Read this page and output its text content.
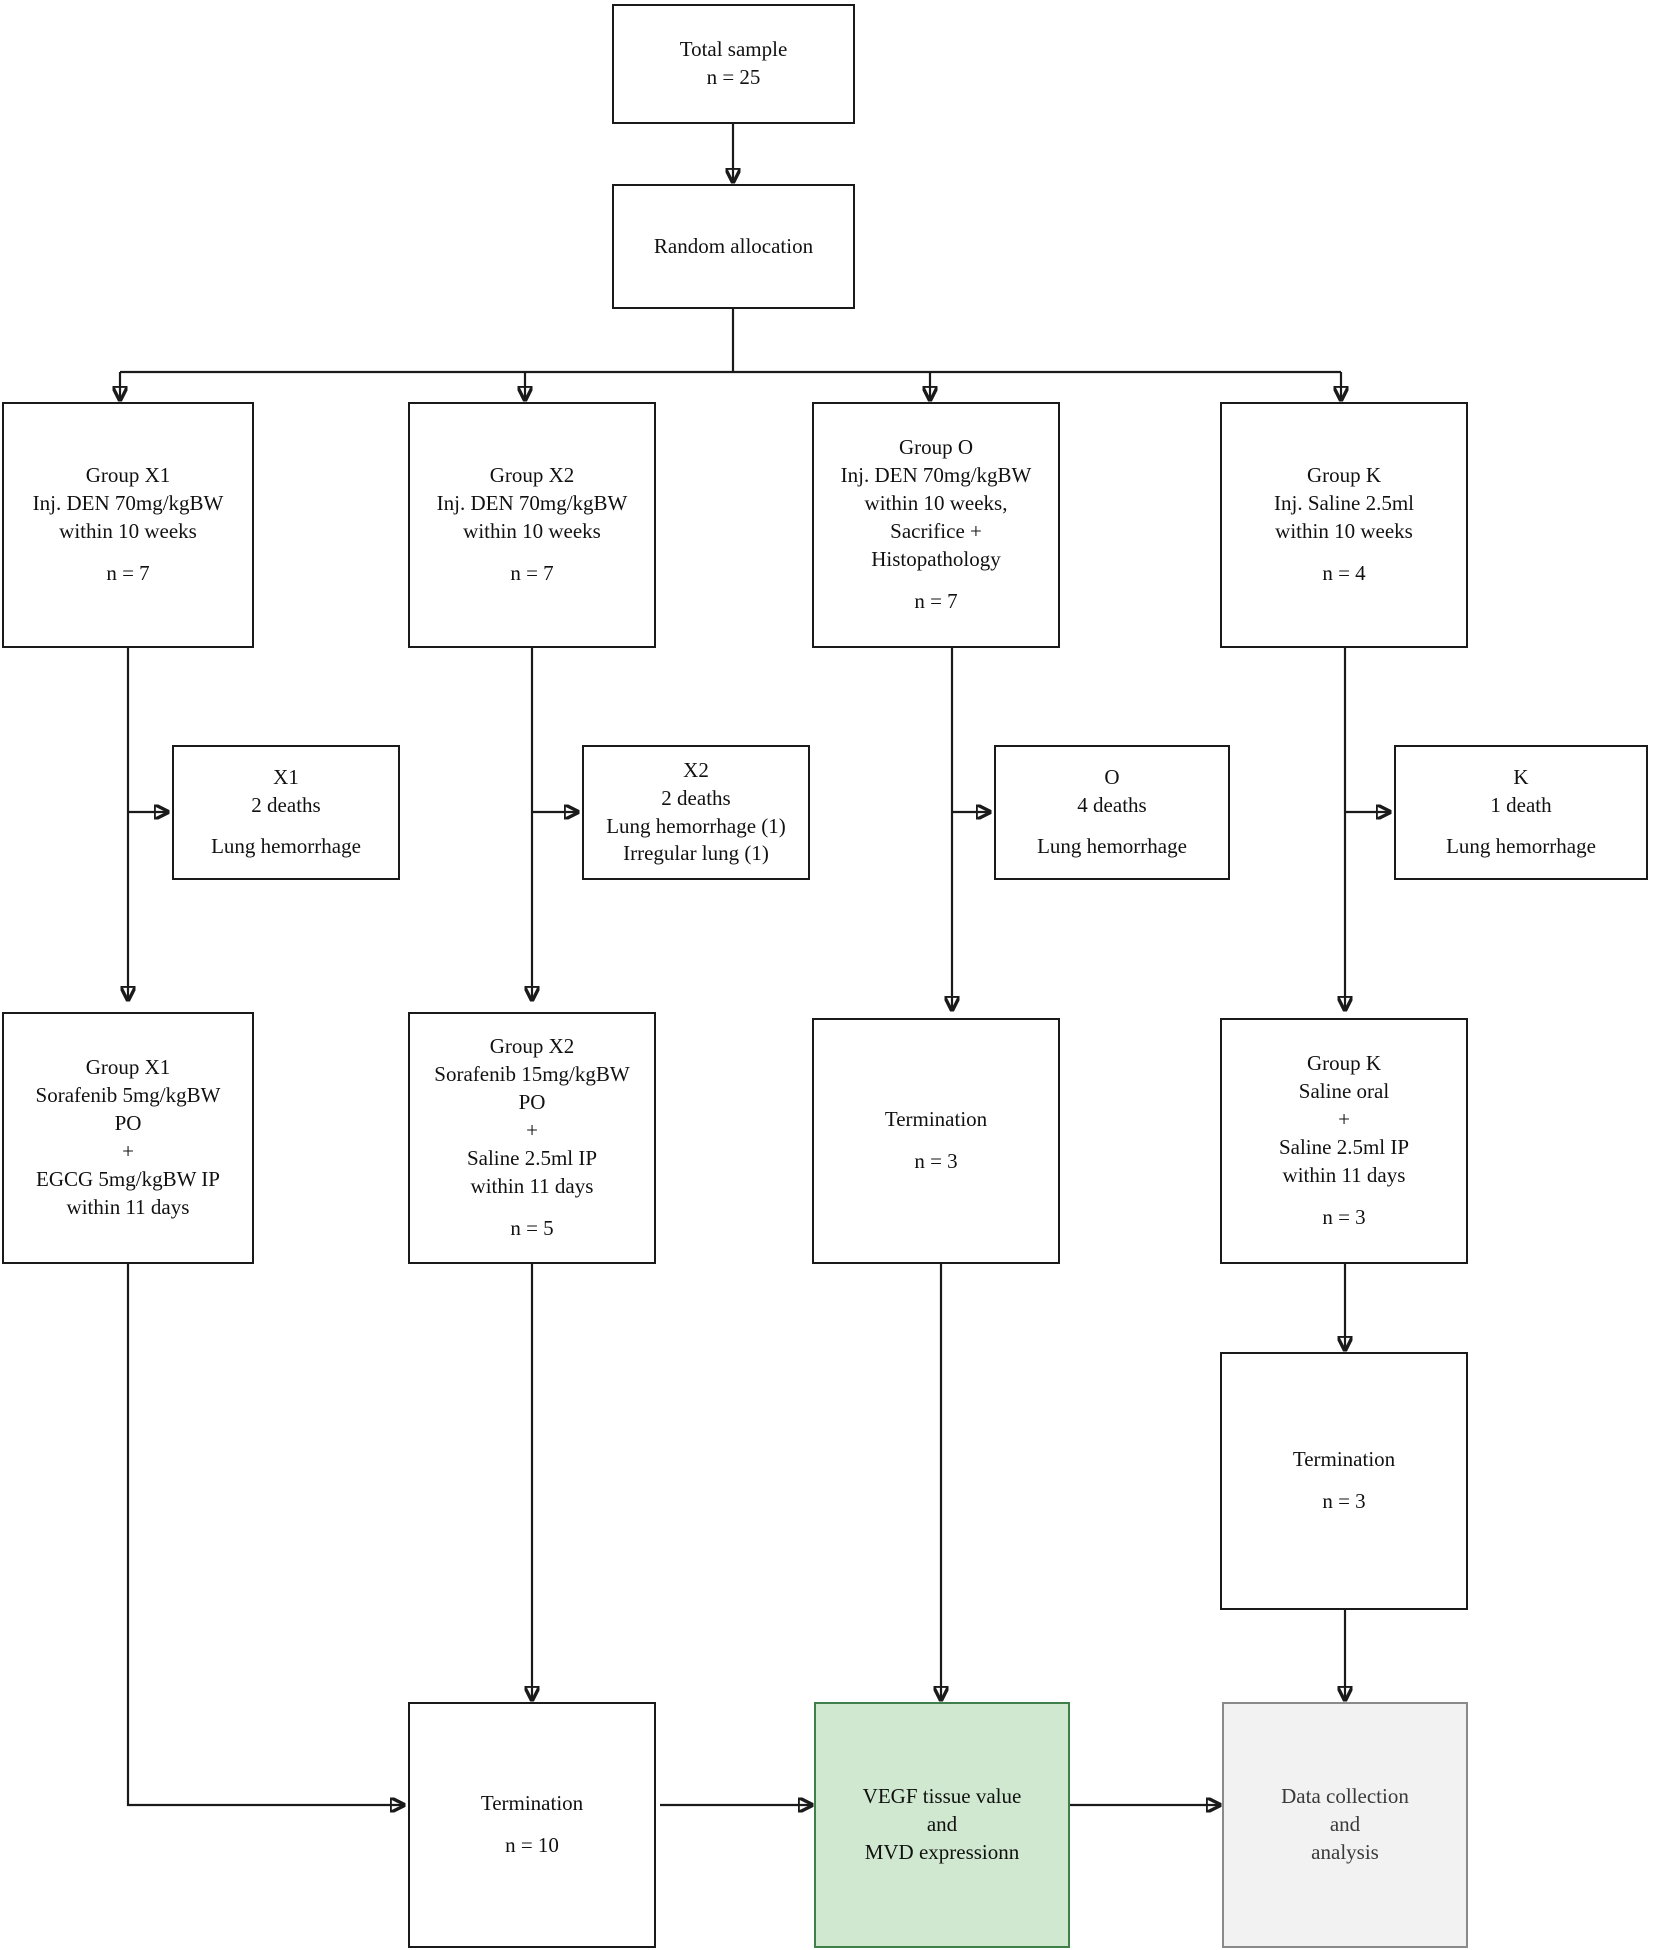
Total sample
n = 25
Random allocation
Group X1
Inj. DEN 70mg/kgBW
within 10 weeks
n = 7
Group X2
Inj. DEN 70mg/kgBW
within 10 weeks
n = 7
Group O
Inj. DEN 70mg/kgBW
within 10 weeks,
Sacrifice +
Histopathology
n = 7
Group K
Inj. Saline 2.5ml
within 10 weeks
n = 4
X1
2 deaths
Lung hemorrhage
X2
2 deaths
Lung hemorrhage (1)
Irregular lung (1)
O
4 deaths
Lung hemorrhage
K
1 death
Lung hemorrhage
Group X1
Sorafenib 5mg/kgBW
PO
+
EGCG 5mg/kgBW IP
within 11 days
Group X2
Sorafenib 15mg/kgBW
PO
+
Saline 2.5ml IP
within 11 days
n = 5
Termination
n = 3
Group K
Saline oral
+
Saline 2.5ml IP
within 11 days
n = 3
Termination
n = 3
Termination
n = 10
VEGF tissue value
and
MVD expressionn
Data collection
and
analysis
